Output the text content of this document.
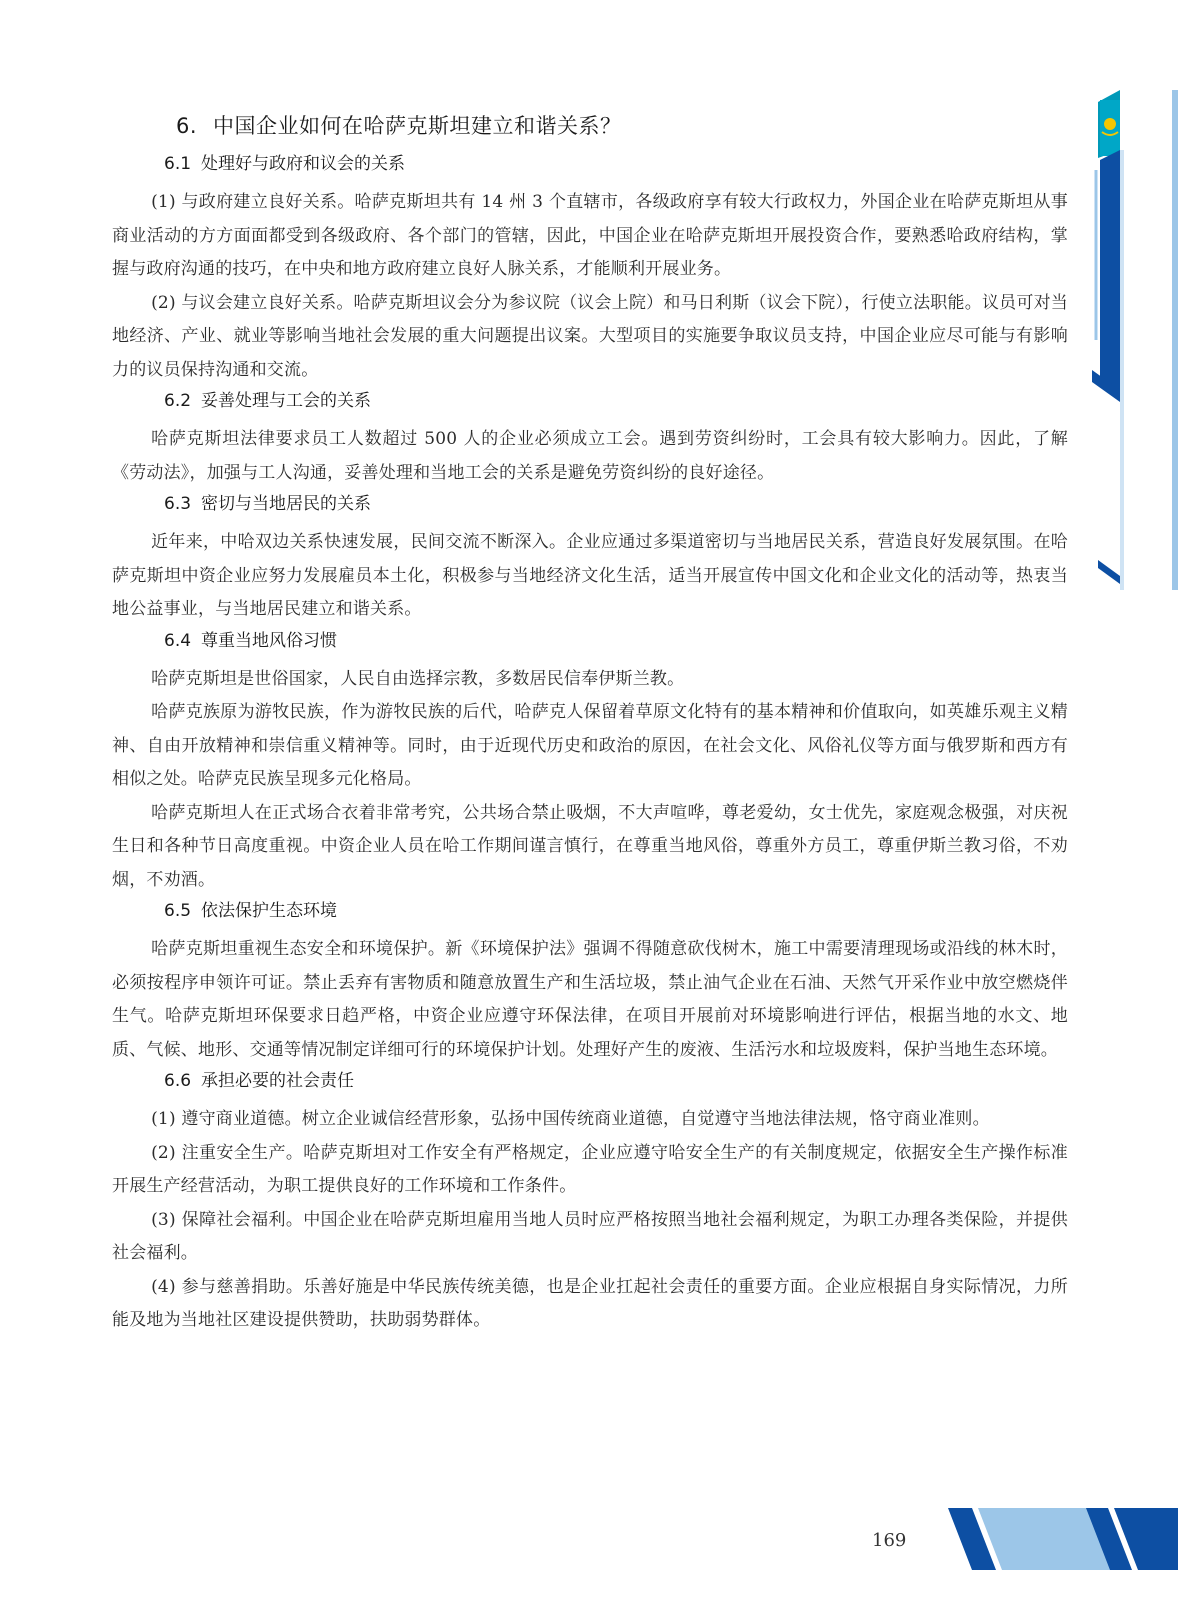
6. 中国企业如何在哈萨克斯坦建立和谐关系？
6.1 处理好与政府和议会的关系

(1) 与政府建立良好关系。哈萨克斯坦共有 14 州 3 个直辖市，各级政府享有较大行政权力，外国企业在哈萨克斯坦从事商业活动的方方面面都受到各级政府、各个部门的管辖，因此，中国企业在哈萨克斯坦开展投资合作，要熟悉哈政府结构，掌握与政府沟通的技巧，在中央和地方政府建立良好人脉关系，才能顺利开展业务。

(2) 与议会建立良好关系。哈萨克斯坦议会分为参议院（议会上院）和马日利斯（议会下院），行使立法职能。议员可对当地经济、产业、就业等影响当地社会发展的重大问题提出议案。大型项目的实施要争取议员支持，中国企业应尽可能与有影响力的议员保持沟通和交流。

6.2 妥善处理与工会的关系

哈萨克斯坦法律要求员工人数超过 500 人的企业必须成立工会。遇到劳资纠纷时，工会具有较大影响力。因此，了解《劳动法》，加强与工人沟通，妥善处理和当地工会的关系是避免劳资纠纷的良好途径。

6.3 密切与当地居民的关系

近年来，中哈双边关系快速发展，民间交流不断深入。企业应通过多渠道密切与当地居民关系，营造良好发展氛围。在哈萨克斯坦中资企业应努力发展雇员本土化，积极参与当地经济文化生活，适当开展宣传中国文化和企业文化的活动等，热衷当地公益事业，与当地居民建立和谐关系。

6.4 尊重当地风俗习惯

哈萨克斯坦是世俗国家，人民自由选择宗教，多数居民信奉伊斯兰教。

哈萨克族原为游牧民族，作为游牧民族的后代，哈萨克人保留着草原文化特有的基本精神和价值取向，如英雄乐观主义精神、自由开放精神和崇信重义精神等。同时，由于近现代历史和政治的原因，在社会文化、风俗礼仪等方面与俄罗斯和西方有相似之处。哈萨克民族呈现多元化格局。

哈萨克斯坦人在正式场合衣着非常考究，公共场合禁止吸烟，不大声喧哗，尊老爱幼，女士优先，家庭观念极强，对庆祝生日和各种节日高度重视。中资企业人员在哈工作期间谨言慎行，在尊重当地风俗，尊重外方员工，尊重伊斯兰教习俗，不劝烟，不劝酒。

6.5 依法保护生态环境

哈萨克斯坦重视生态安全和环境保护。新《环境保护法》强调不得随意砍伐树木，施工中需要清理现场或沿线的林木时，必须按程序申领许可证。禁止丢弃有害物质和随意放置生产和生活垃圾，禁止油气企业在石油、天然气开采作业中放空燃烧伴生气。哈萨克斯坦环保要求日趋严格，中资企业应遵守环保法律，在项目开展前对环境影响进行评估，根据当地的水文、地质、气候、地形、交通等情况制定详细可行的环境保护计划。处理好产生的废液、生活污水和垃圾废料，保护当地生态环境。

6.6 承担必要的社会责任

(1) 遵守商业道德。树立企业诚信经营形象，弘扬中国传统商业道德，自觉遵守当地法律法规，恪守商业准则。

(2) 注重安全生产。哈萨克斯坦对工作安全有严格规定，企业应遵守哈安全生产的有关制度规定，依据安全生产操作标准开展生产经营活动，为职工提供良好的工作环境和工作条件。

(3) 保障社会福利。中国企业在哈萨克斯坦雇用当地人员时应严格按照当地社会福利规定，为职工办理各类保险，并提供社会福利。

(4) 参与慈善捐助。乐善好施是中华民族传统美德，也是企业扛起社会责任的重要方面。企业应根据自身实际情况，力所能及地为当地社区建设提供赞助，扶助弱势群体。

169
